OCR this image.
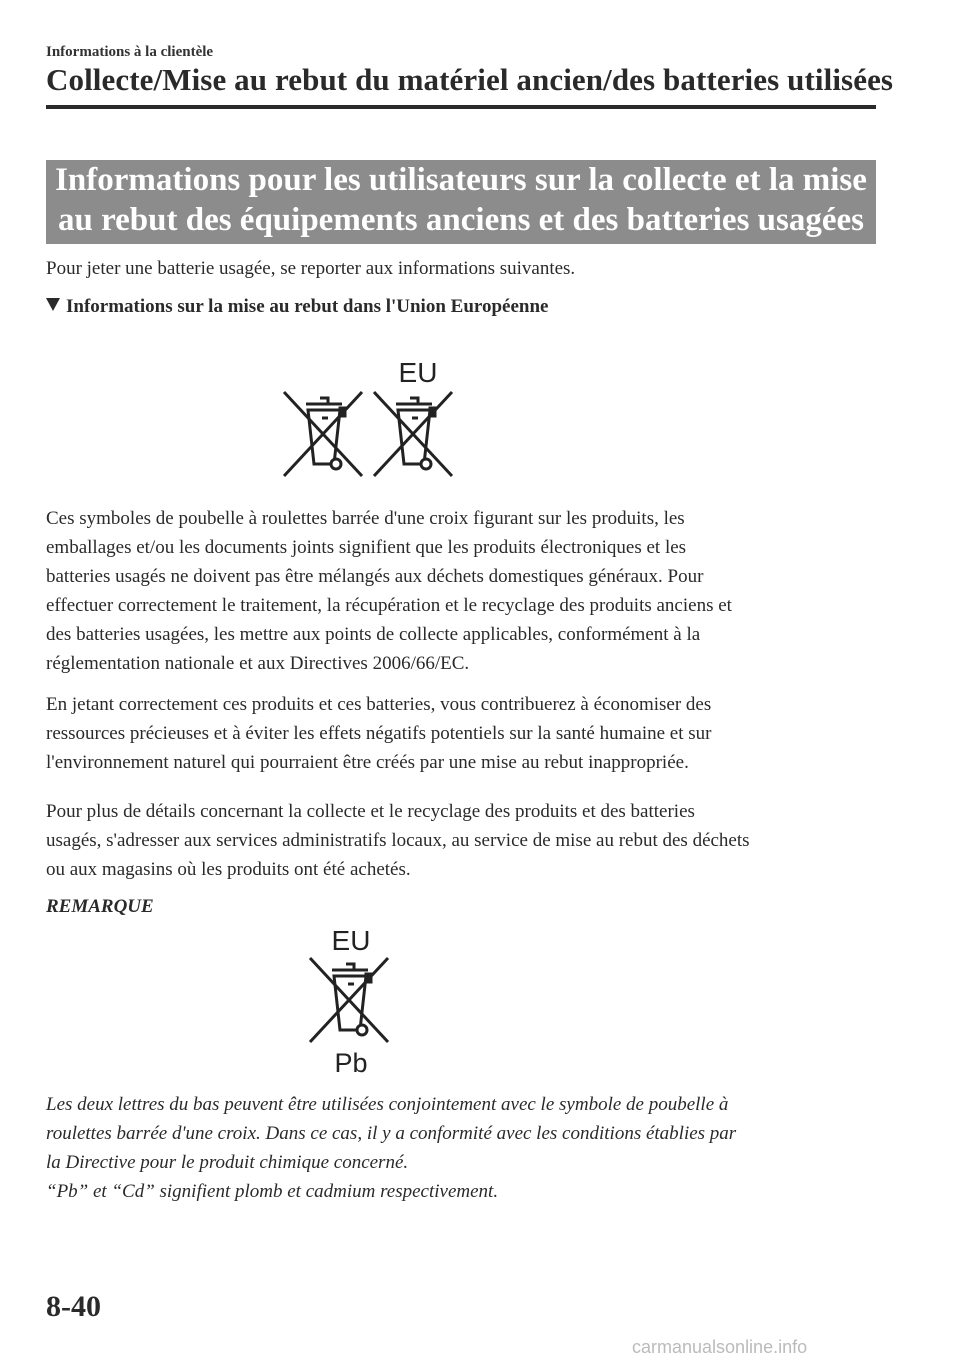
Informations à la clientèle
Collecte/Mise au rebut du matériel ancien/des batteries utilisées
Informations pour les utilisateurs sur la collecte et la mise
au rebut des équipements anciens et des batteries usagées

Pour jeter une batterie usagée, se reporter aux informations suivantes.

Informations sur la mise au rebut dans l'Union Européenne
EU

Ces symboles de poubelle à roulettes barrée d'une croix figurant sur les produits, les

emballages et/ou les documents joints signifient que les produits électroniques et les

batteries usagés ne doivent pas être mélangés aux déchets domestiques généraux. Pour

effectuer correctement le traitement, la récupération et le recyclage des produits anciens et

des batteries usagées, les mettre aux points de collecte applicables, conformément à la

réglementation nationale et aux Directives 2006/66/EC.

En jetant correctement ces produits et ces batteries, vous contribuerez à économiser des

ressources précieuses et à éviter les effets négatifs potentiels sur la santé humaine et sur

l'environnement naturel qui pourraient être créés par une mise au rebut inappropriée.

Pour plus de détails concernant la collecte et le recyclage des produits et des batteries

usagés, s'adresser aux services administratifs locaux, au service de mise au rebut des déchets

ou aux magasins où les produits ont été achetés.

REMARQUE
EU
Pb

Les deux lettres du bas peuvent être utilisées conjointement avec le symbole de poubelle à

roulettes barrée d'une croix. Dans ce cas, il y a conformité avec les conditions établies par

la Directive pour le produit chimique concerné.

“Pb” et “Cd” signifient plomb et cadmium respectivement.

8-40
carmanualsonline.info
